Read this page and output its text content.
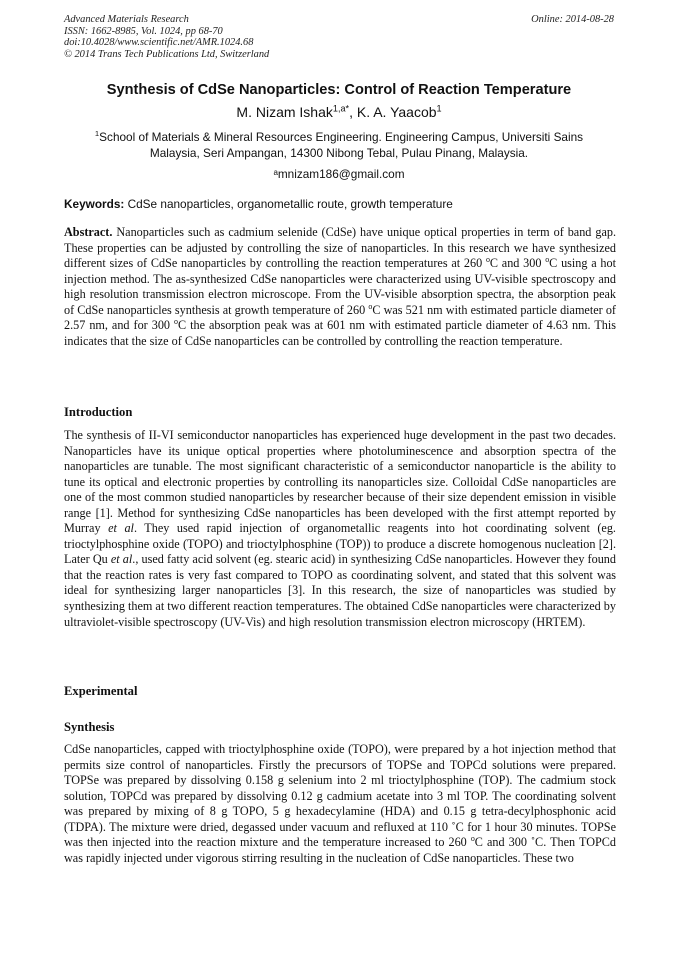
Advanced Materials Research
ISSN: 1662-8985, Vol. 1024, pp 68-70
doi:10.4028/www.scientific.net/AMR.1024.68
© 2014 Trans Tech Publications Ltd, Switzerland
Online: 2014-08-28
Synthesis of CdSe Nanoparticles: Control of Reaction Temperature
M. Nizam Ishak$^{1,a*}$, K. A. Yaacob$^1$
$^1$School of Materials & Mineral Resources Engineering. Engineering Campus, Universiti Sains Malaysia, Seri Ampangan, 14300 Nibong Tebal, Pulau Pinang, Malaysia.
ᵃmnizam186@gmail.com
Keywords: CdSe nanoparticles, organometallic route, growth temperature

Abstract. Nanoparticles such as cadmium selenide (CdSe) have unique optical properties in term of band gap. These properties can be adjusted by controlling the size of nanoparticles. In this research we have synthesized different sizes of CdSe nanoparticles by controlling the reaction temperatures at 260 $^o$C and 300 $^o$C using a hot injection method. The as-synthesized CdSe nanoparticles were characterized using UV-visible spectroscopy and high resolution transmission electron microscope. From the UV-visible absorption spectra, the absorption peak of CdSe nanoparticles synthesis at growth temperature of 260 $^o$C was 521 nm with estimated particle diameter of 2.57 nm, and for 300 $^o$C the absorption peak was at 601 nm with estimated particle diameter of 4.63 nm. This indicates that the size of CdSe nanoparticles can be controlled by controlling the reaction temperature.

Introduction

The synthesis of II-VI semiconductor nanoparticles has experienced huge development in the past two decades. Nanoparticles have its unique optical properties where photoluminescence and absorption spectra of the nanoparticles are tunable. The most significant characteristic of a semiconductor nanoparticle is the ability to tune its optical and electronic properties by controlling its nanoparticles size. Colloidal CdSe nanoparticles are one of the most common studied nanoparticles by researcher because of their size dependent emission in visible range [1]. Method for synthesizing CdSe nanoparticles has been developed with the first attempt reported by Murray et al. They used rapid injection of organometallic reagents into hot coordinating solvent (eg. trioctylphosphine oxide (TOPO) and trioctylphosphine (TOP)) to produce a discrete homogenous nucleation [2]. Later Qu et al., used fatty acid solvent (eg. stearic acid) in synthesizing CdSe nanoparticles. However they found that the reaction rates is very fast compared to TOPO as coordinating solvent, and stated that this solvent was ideal for synthesizing larger nanoparticles [3]. In this research, the size of nanoparticles was studied by synthesizing them at two different reaction temperatures. The obtained CdSe nanoparticles were characterized by ultraviolet-visible spectroscopy (UV-Vis) and high resolution transmission electron microscopy (HRTEM).

Experimental
Synthesis

CdSe nanoparticles, capped with trioctylphosphine oxide (TOPO), were prepared by a hot injection method that permits size control of nanoparticles. Firstly the precursors of TOPSe and TOPCd solutions were prepared. TOPSe was prepared by dissolving 0.158 g selenium into 2 ml trioctylphosphine (TOP). The cadmium stock solution, TOPCd was prepared by dissolving 0.12 g cadmium acetate into 3 ml TOP. The coordinating solvent was prepared by mixing of 8 g TOPO, 5 g hexadecylamine (HDA) and 0.15 g tetra-decylphosphonic acid (TDPA). The mixture were dried, degassed under vacuum and refluxed at 110 ˚C for 1 hour 30 minutes. TOPSe was then injected into the reaction mixture and the temperature increased to 260 $^o$C and 300 ˚C. Then TOPCd was rapidly injected under vigorous stirring resulting in the nucleation of CdSe nanoparticles. These two
